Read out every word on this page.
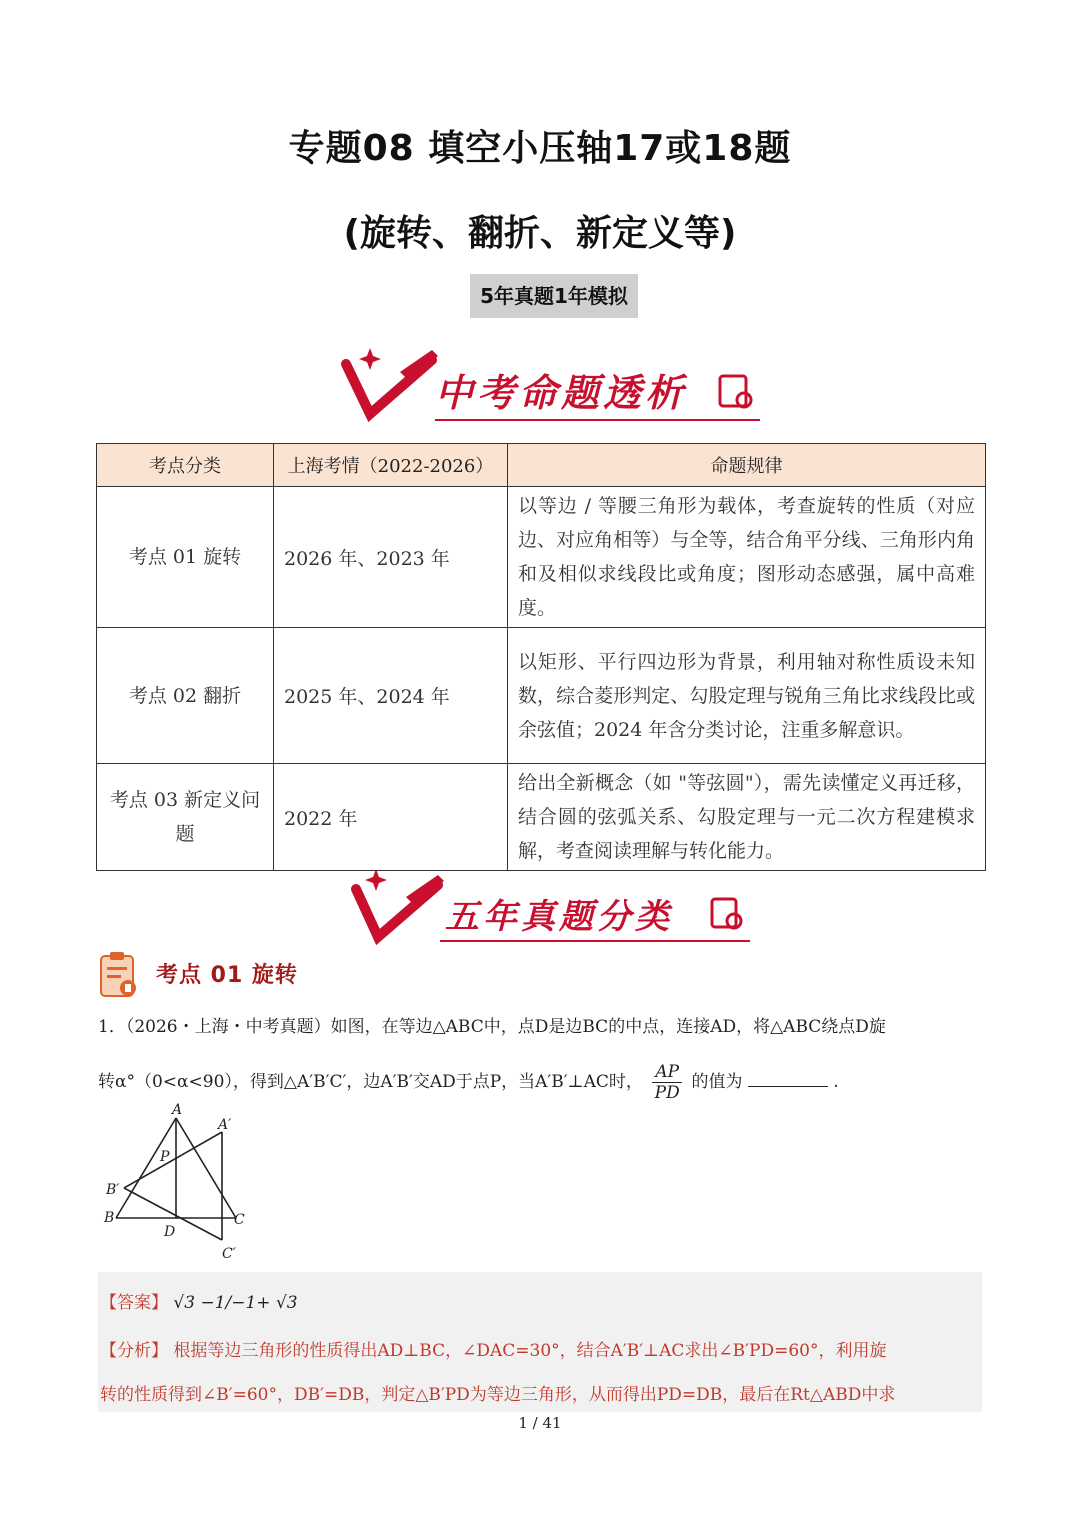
专题08 填空小压轴17或18题
(旋转、翻折、新定义等)
5年真题1年模拟
中考命题透析
考点分类	上海考情（2022-2026）	命题规律
考点 01 旋转	2026 年、2023 年	以等边 / 等腰三角形为载体，考查旋转的性质（对应边、对应角相等）与全等，结合角平分线、三角形内角和及相似求线段比或角度；图形动态感强，属中高难度。
考点 02 翻折	2025 年、2024 年	以矩形、平行四边形为背景，利用轴对称性质设未知数，综合菱形判定、勾股定理与锐角三角比求线段比或余弦值；2024 年含分类讨论，注重多解意识。
考点 03 新定义问题	2022 年	给出全新概念（如 "等弦圆"），需先读懂定义再迁移，结合圆的弦弧关系、勾股定理与一元二次方程建模求解，考查阅读理解与转化能力。
五年真题分类
考点 01 旋转
1．（2026・上海・中考真题）如图，在等边△ABC中，点D是边BC的中点，连接AD，将△ABC绕点D旋
转α°（0<α<90），得到△A′B′C′，边A′B′交AD于点P，当A′B′⊥AC时， $\frac{AP}{PD}$ 的值为	.
A
A′
P
B′
B	C
D
C′
【答案】 √3 −1/−1+ √3
【分析】 根据等边三角形的性质得出AD⊥BC，∠DAC=30°，结合A′B′⊥AC求出∠B′PD=60°，利用旋
转的性质得到∠B′=60°，DB′=DB，判定△B′PD为等边三角形，从而得出PD=DB，最后在Rt△ABD中求
1 / 41
